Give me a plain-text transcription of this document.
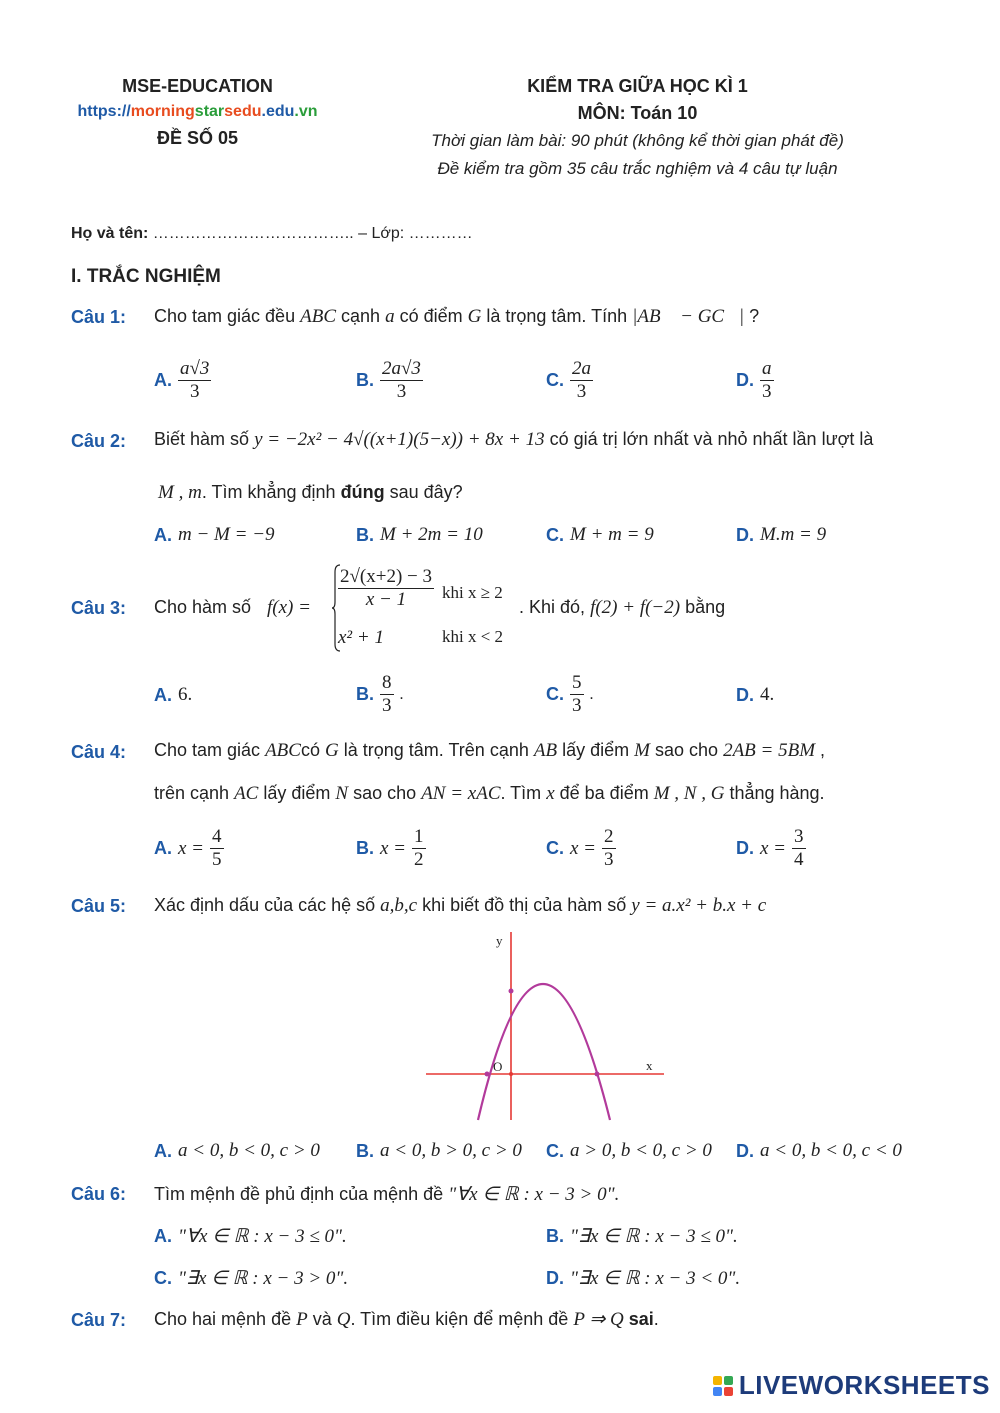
MSE-EDUCATION
https://morningstarsedu.edu.vn
ĐỀ SỐ 05
KIỂM TRA GIỮA HỌC KÌ 1
MÔN: Toán 10
Thời gian làm bài: 90 phút (không kể thời gian phát đề)
Đề kiểm tra gồm 35 câu trắc nghiệm và 4 câu tự luận
Họ và tên: ……………………………….. – Lớp: …………
I. TRẮC NGHIỆM
Câu 1: Cho tam giác đều ABC cạnh a có điểm G là trọng tâm. Tính |AB⃗ − GC⃗| ?
A. $\frac{a√3}{3}$	B. $\frac{2a√3}{3}$	C. $\frac{2a}{3}$	D. $\frac{a}{3}$
Câu 2: Biết hàm số y = −2x² − 4√((x+1)(5−x)) + 8x + 13 có giá trị lớn nhất và nhỏ nhất lần lượt là
M , m. Tìm khẳng định đúng sau đây?
A. m − M = −9	B. M + 2m = 10	C. M + m = 9	D. M.m = 9
Câu 3: Cho hàm số $f(x) = \frac{2√(x+2) - 3}{x - 1}$ khi x ≥ 2
x² + 1	khi x < 2
. Khi đó, f(2) + f(−2) bằng
A. 6.	B. $\frac{8}{3}$ .	C. $\frac{5}{3}$ .	D. 4.
Câu 4: Cho tam giác ABCcó G là trọng tâm. Trên cạnh AB lấy điểm M sao cho 2AB = 5BM ,
trên cạnh AC lấy điểm N sao cho AN = xAC. Tìm x để ba điểm M , N , G thẳng hàng.
A. $x = \frac{4}{5}$	B. $x = \frac{1}{2}$	C. $x = \frac{2}{3}$	D. $x = \frac{3}{4}$
Câu 5: Xác định dấu của các hệ số a,b,c khi biết đồ thị của hàm số y = a.x² + b.x + c
y
x
O
A. a < 0, b < 0, c > 0 B. a < 0, b > 0, c > 0 C. a > 0, b < 0, c > 0 D. a < 0, b < 0, c < 0
Câu 6: Tìm mệnh đề phủ định của mệnh đề "∀x ∈ ℝ : x − 3 > 0".
A. "∀x ∈ ℝ : x − 3 ≤ 0".	B. "∃x ∈ ℝ : x − 3 ≤ 0".
C. "∃x ∈ ℝ : x − 3 > 0".	D. "∃x ∈ ℝ : x − 3 < 0".
Câu 7: Cho hai mệnh đề P và Q. Tìm điều kiện để mệnh đề P ⇒ Q sai.
LIVEWORKSHEETS
